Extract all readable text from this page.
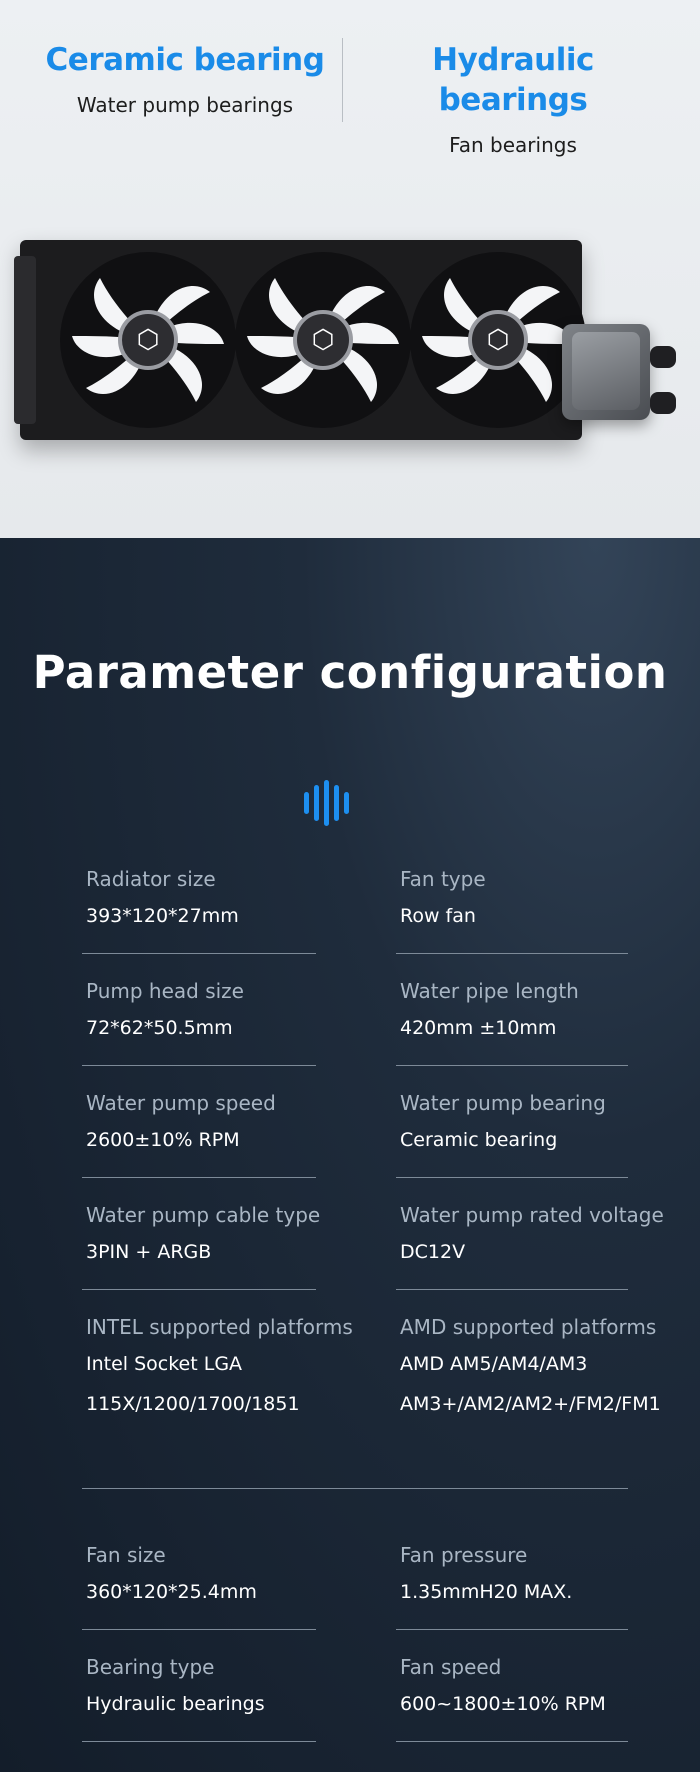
Ceramic bearing
Water pump bearings
Hydraulic bearings
Fan bearings
⬡	⬡	⬡
Parameter configuration
Radiator size
393*120*27mm
Fan type
Row fan
Pump head size
72*62*50.5mm
Water pipe length
420mm ±10mm
Water pump speed
2600±10% RPM
Water pump bearing
Ceramic bearing
Water pump cable type
3PIN + ARGB
Water pump rated voltage
DC12V
INTEL supported platforms
Intel Socket LGA
115X/1200/1700/1851
AMD supported platforms
AMD AM5/AM4/AM3
AM3+/AM2/AM2+/FM2/FM1
Fan size
360*120*25.4mm
Fan pressure
1.35mmH20 MAX.
Bearing type
Hydraulic bearings
Fan speed
600~1800±10% RPM
